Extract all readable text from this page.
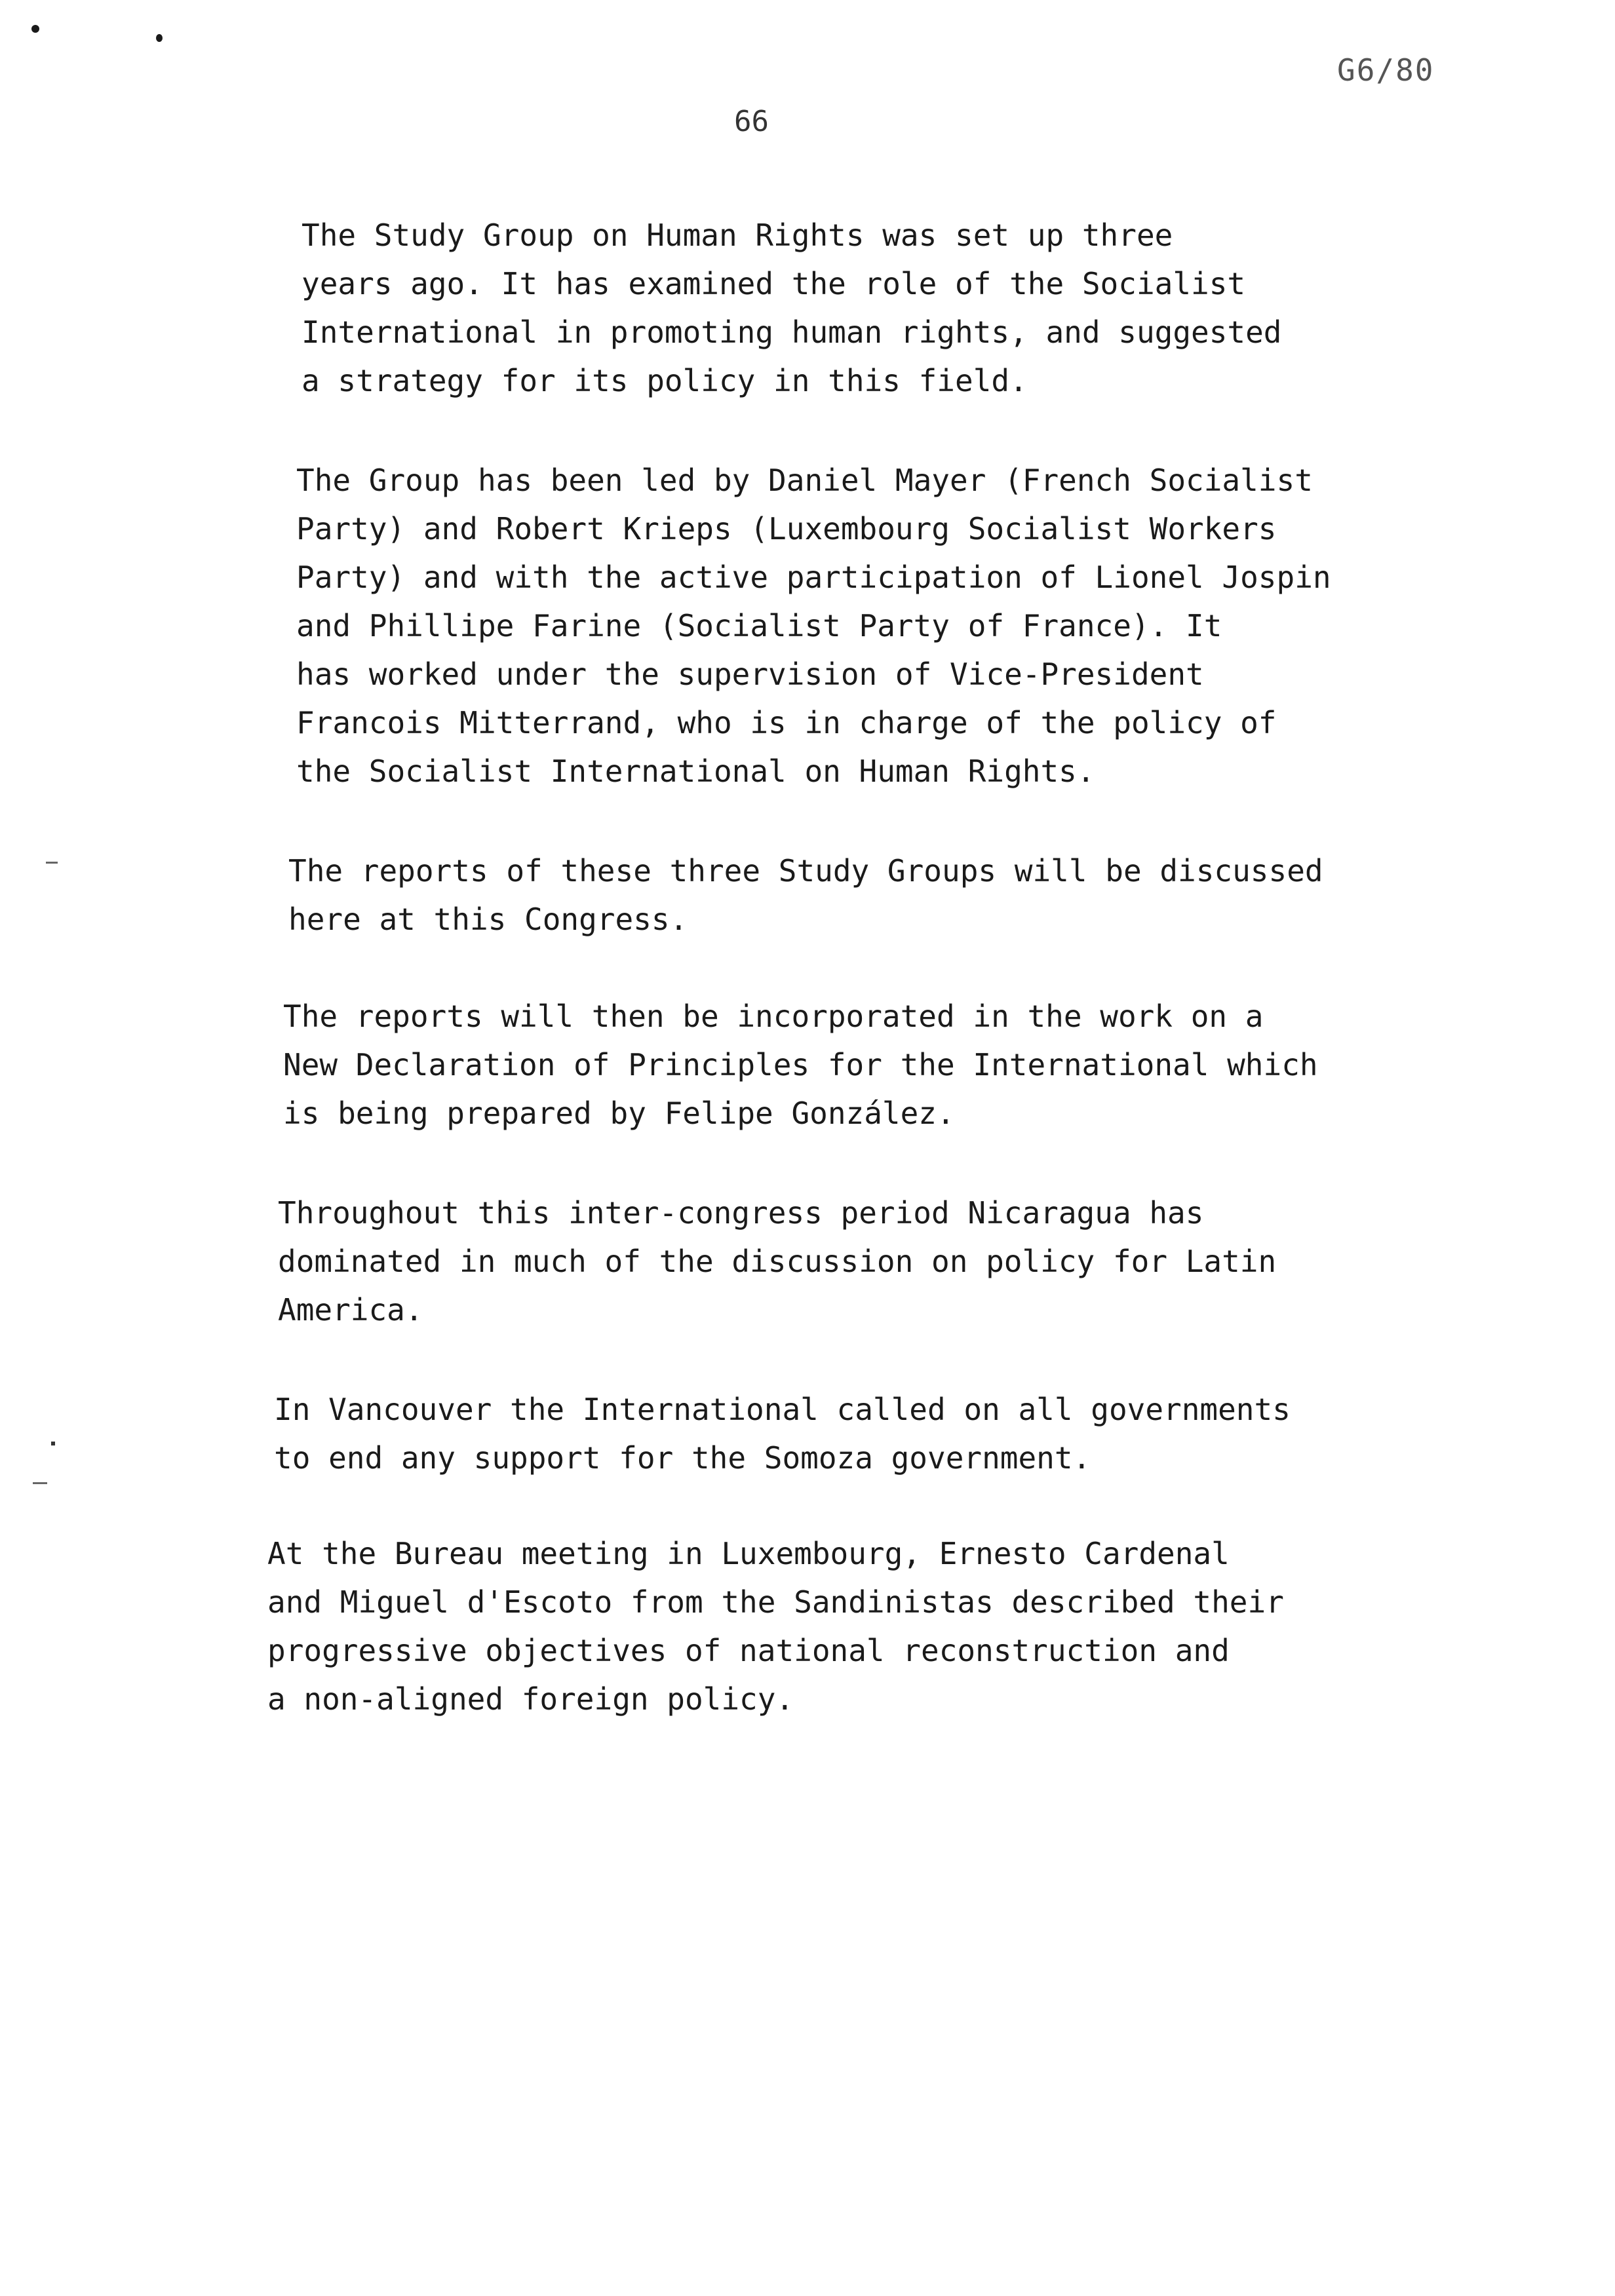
G6/80
66
The Study Group on Human Rights was set up three
years ago. It has examined the role of the Socialist
International in promoting human rights, and suggested
a strategy for its policy in this field.
The Group has been led by Daniel Mayer (French Socialist
Party) and Robert Krieps (Luxembourg Socialist Workers
Party) and with the active participation of Lionel Jospin
and Phillipe Farine (Socialist Party of France). It
has worked under the supervision of Vice-President
Francois Mitterrand, who is in charge of the policy of
the Socialist International on Human Rights.
The reports of these three Study Groups will be discussed
here at this Congress.
The reports will then be incorporated in the work on a
New Declaration of Principles for the International which
is being prepared by Felipe González.
Throughout this inter-congress period Nicaragua has
dominated in much of the discussion on policy for Latin
America.
In Vancouver the International called on all governments
to end any support for the Somoza government.
At the Bureau meeting in Luxembourg, Ernesto Cardenal
and Miguel d'Escoto from the Sandinistas described their
progressive objectives of national reconstruction and
a non-aligned foreign policy.
